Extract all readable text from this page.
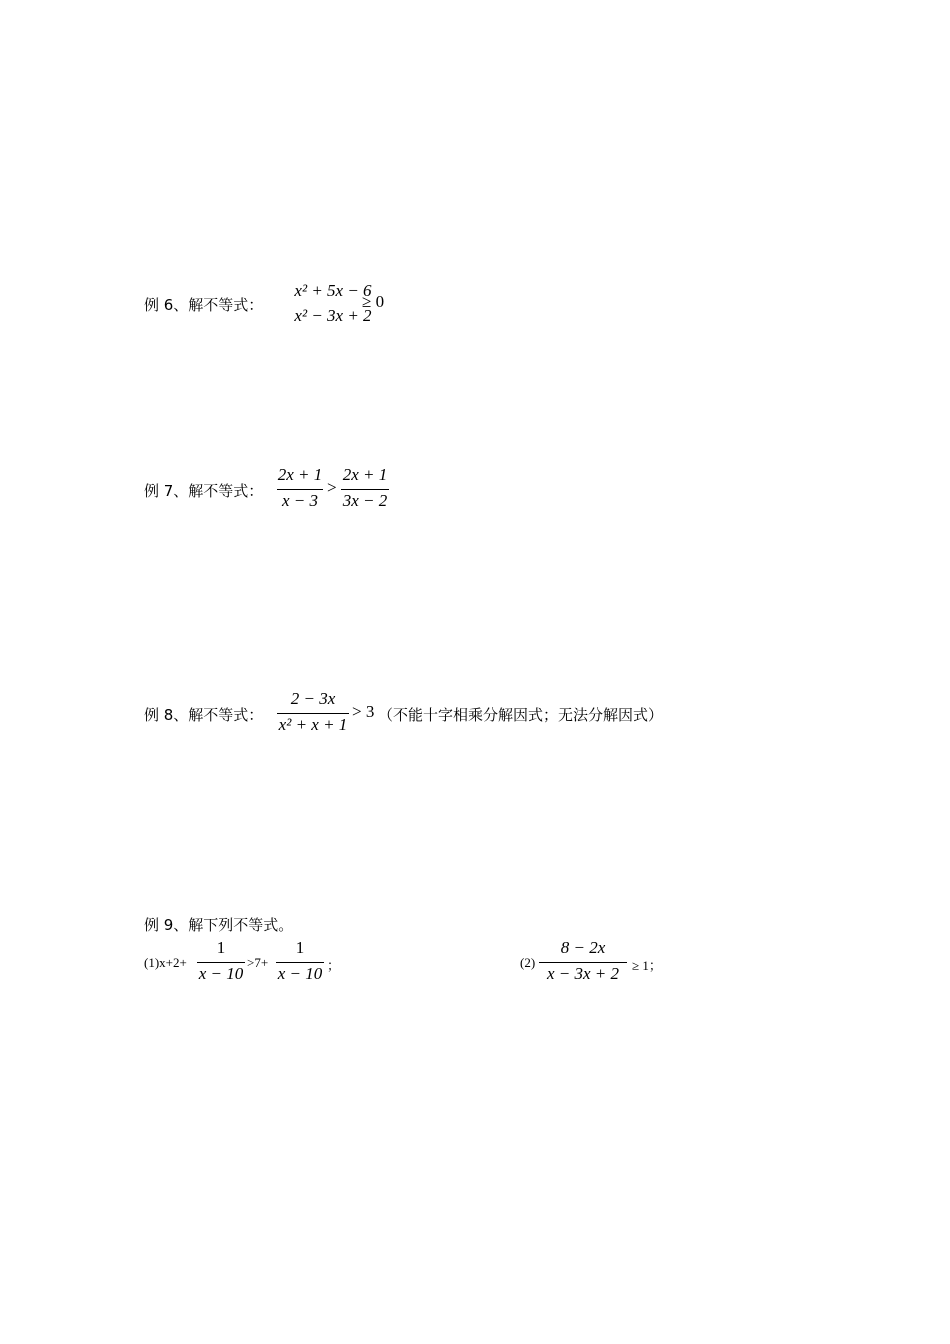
例 6、解不等式：
x² + 5x − 6
x² − 3x + 2
≥ 0
例 7、解不等式：
2x + 1
x − 3
>
2x + 1
3x − 2
例 8、解不等式：
2 − 3x
x² + x + 1
> 3 （不能十字相乘分解因式；无法分解因式）
例 9、解下列不等式。
(1)x+2+
1
x − 10
>7+
1
x − 10 ；	(2)
8 − 2x
x − 3x + 2 ≥ 1；
